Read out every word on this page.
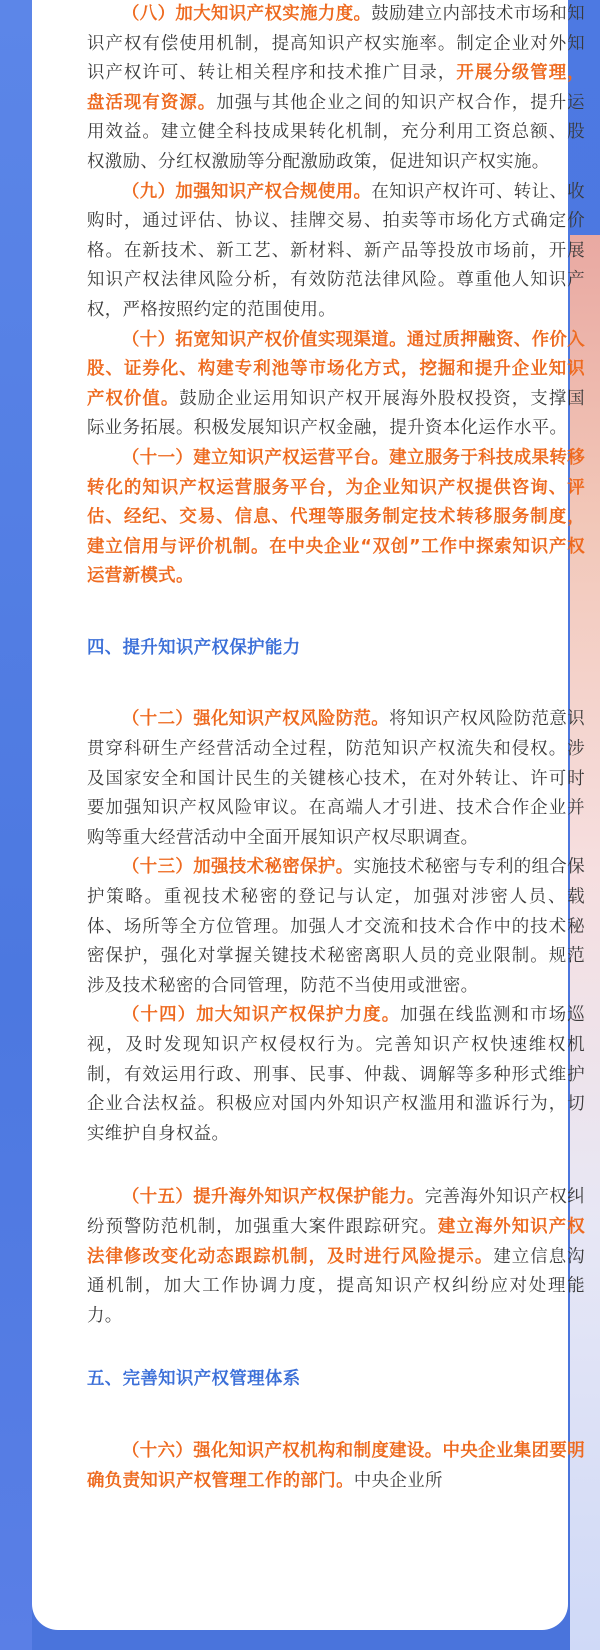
（八）加大知识产权实施力度。鼓励建立内部技术市场和知识产权有偿使用机制，提高知识产权实施率。制定企业对外知识产权许可、转让相关程序和技术推广目录，开展分级管理，盘活现有资源。加强与其他企业之间的知识产权合作，提升运用效益。建立健全科技成果转化机制，充分利用工资总额、股权激励、分红权激励等分配激励政策，促进知识产权实施。

（九）加强知识产权合规使用。在知识产权许可、转让、收购时，通过评估、协议、挂牌交易、拍卖等市场化方式确定价格。在新技术、新工艺、新材料、新产品等投放市场前，开展知识产权法律风险分析，有效防范法律风险。尊重他人知识产权，严格按照约定的范围使用。

（十）拓宽知识产权价值实现渠道。通过质押融资、作价入股、证券化、构建专利池等市场化方式，挖掘和提升企业知识产权价值。鼓励企业运用知识产权开展海外股权投资，支撑国际业务拓展。积极发展知识产权金融，提升资本化运作水平。

（十一）建立知识产权运营平台。建立服务于科技成果转移转化的知识产权运营服务平台，为企业知识产权提供咨询、评估、经纪、交易、信息、代理等服务制定技术转移服务制度，建立信用与评价机制。在中央企业“双创”工作中探索知识产权运营新模式。

四、提升知识产权保护能力

（十二）强化知识产权风险防范。将知识产权风险防范意识贯穿科研生产经营活动全过程，防范知识产权流失和侵权。涉及国家安全和国计民生的关键核心技术，在对外转让、许可时要加强知识产权风险审议。在高端人才引进、技术合作企业并购等重大经营活动中全面开展知识产权尽职调查。

（十三）加强技术秘密保护。实施技术秘密与专利的组合保护策略。重视技术秘密的登记与认定，加强对涉密人员、载体、场所等全方位管理。加强人才交流和技术合作中的技术秘密保护，强化对掌握关键技术秘密离职人员的竞业限制。规范涉及技术秘密的合同管理，防范不当使用或泄密。

（十四）加大知识产权保护力度。加强在线监测和市场巡视，及时发现知识产权侵权行为。完善知识产权快速维权机制，有效运用行政、刑事、民事、仲裁、调解等多种形式维护企业合法权益。积极应对国内外知识产权滥用和滥诉行为，切实维护自身权益。

（十五）提升海外知识产权保护能力。完善海外知识产权纠纷预警防范机制，加强重大案件跟踪研究。建立海外知识产权法律修改变化动态跟踪机制，及时进行风险提示。建立信息沟通机制，加大工作协调力度，提高知识产权纠纷应对处理能力。

五、完善知识产权管理体系

（十六）强化知识产权机构和制度建设。中央企业集团要明确负责知识产权管理工作的部门。中央企业所
